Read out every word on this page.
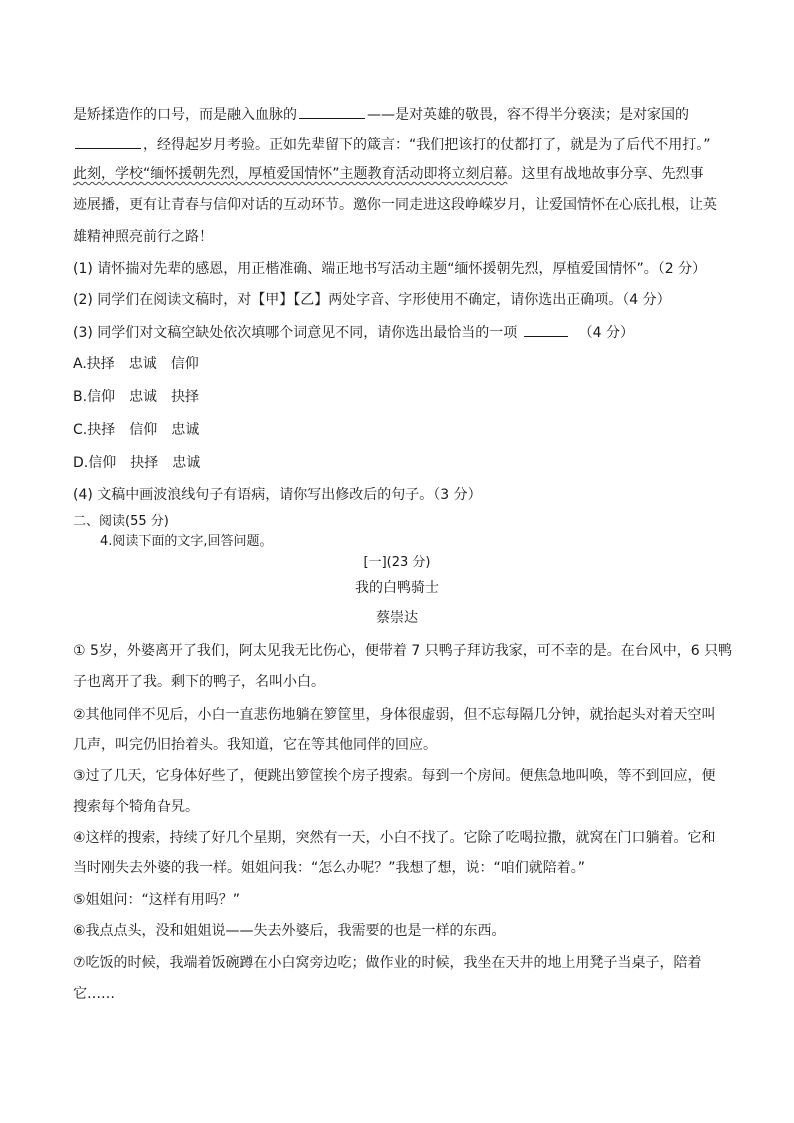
是矫揉造作的口号，而是融入血脉的	——是对英雄的敬畏，容不得半分亵渎；是对家国的
，经得起岁月考验。正如先辈留下的箴言：“我们把该打的仗都打了，就是为了后代不用打。”
此刻，学校“缅怀援朝先烈，厚植爱国情怀”主题教育活动即将立刻启幕。这里有战地故事分享、先烈事
迹展播，更有让青春与信仰对话的互动环节。邀你一同走进这段峥嵘岁月，让爱国情怀在心底扎根，让英
雄精神照亮前行之路！
(1) 请怀揣对先辈的感恩，用正楷准确、端正地书写活动主题“缅怀援朝先烈，厚植爱国情怀”。（2 分）
(2) 同学们在阅读文稿时，对【甲】【乙】两处字音、字形使用不确定，请你选出正确项。（4 分）
(3) 同学们对文稿空缺处依次填哪个词意见不同，请你选出最恰当的一项	（4 分）
A.抉择 忠诚 信仰
B.信仰 忠诚 抉择
C.抉择 信仰 忠诚
D.信仰 抉择 忠诚
(4) 文稿中画波浪线句子有语病，请你写出修改后的句子。（3 分）
二、阅读(55 分)
4.阅读下面的文字,回答问题。
[一](23 分)
我的白鸭骑士
蔡崇达
① 5岁，外婆离开了我们，阿太见我无比伤心，便带着 7 只鸭子拜访我家，可不幸的是。在台风中，6 只鸭
子也离开了我。剩下的鸭子，名叫小白。
②其他同伴不见后，小白一直悲伤地躺在箩筐里，身体很虚弱，但不忘每隔几分钟，就抬起头对着天空叫
几声，叫完仍旧抬着头。我知道，它在等其他同伴的回应。
③过了几天，它身体好些了，便跳出箩筐挨个房子搜索。每到一个房间。便焦急地叫唤，等不到回应，便
搜索每个犄角旮旯。
④这样的搜索，持续了好几个星期，突然有一天，小白不找了。它除了吃喝拉撒，就窝在门口躺着。它和
当时刚失去外婆的我一样。姐姐问我：“怎么办呢？”我想了想，说：“咱们就陪着。”
⑤姐姐问：“这样有用吗？”
⑥我点点头，没和姐姐说——失去外婆后，我需要的也是一样的东西。
⑦吃饭的时候，我端着饭碗蹲在小白窝旁边吃；做作业的时候，我坐在天井的地上用凳子当桌子，陪着
它……
